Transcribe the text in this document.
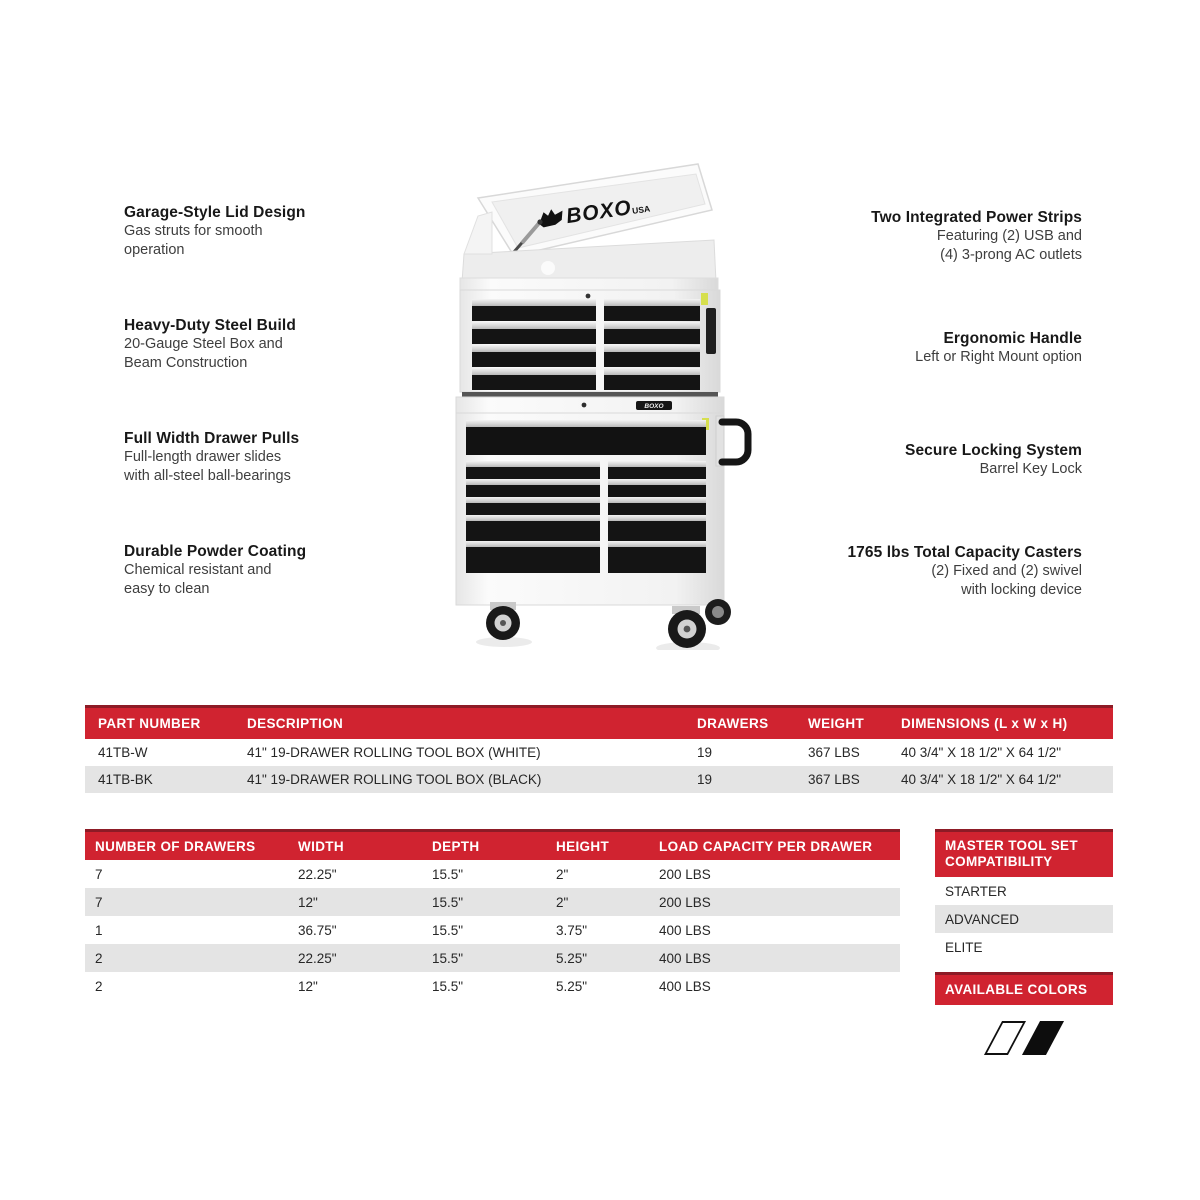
Garage-Style Lid Design

Gas struts for smooth
operation

Heavy-Duty Steel Build

20-Gauge Steel Box and
Beam Construction

Full Width Drawer Pulls

Full-length drawer slides
with all-steel ball-bearings

Durable Powder Coating

Chemical resistant and
easy to clean

Two Integrated Power Strips

Featuring (2) USB and
(4) 3-prong AC outlets

Ergonomic Handle

Left or Right Mount option

Secure Locking System

Barrel Key Lock

1765 lbs Total Capacity Casters

(2) Fixed and (2) swivel
with locking device
BOXO
USA
BOXO
PART NUMBER	DESCRIPTION	DRAWERS	WEIGHT	DIMENSIONS (L x W x H)
41TB-W	41" 19-DRAWER ROLLING TOOL BOX (WHITE)	19	367 LBS	40 3/4" X 18 1/2" X 64 1/2"
41TB-BK	41" 19-DRAWER ROLLING TOOL BOX (BLACK)	19	367 LBS	40 3/4" X 18 1/2" X 64 1/2"
NUMBER OF DRAWERS	WIDTH	DEPTH	HEIGHT	LOAD CAPACITY PER DRAWER
7	22.25"	15.5"	2"	200 LBS
7	12"	15.5"	2"	200 LBS
1	36.75"	15.5"	3.75"	400 LBS
2	22.25"	15.5"	5.25"	400 LBS
2	12"	15.5"	5.25"	400 LBS
MASTER TOOL SET
COMPATIBILITY
STARTER
ADVANCED
ELITE
AVAILABLE COLORS
